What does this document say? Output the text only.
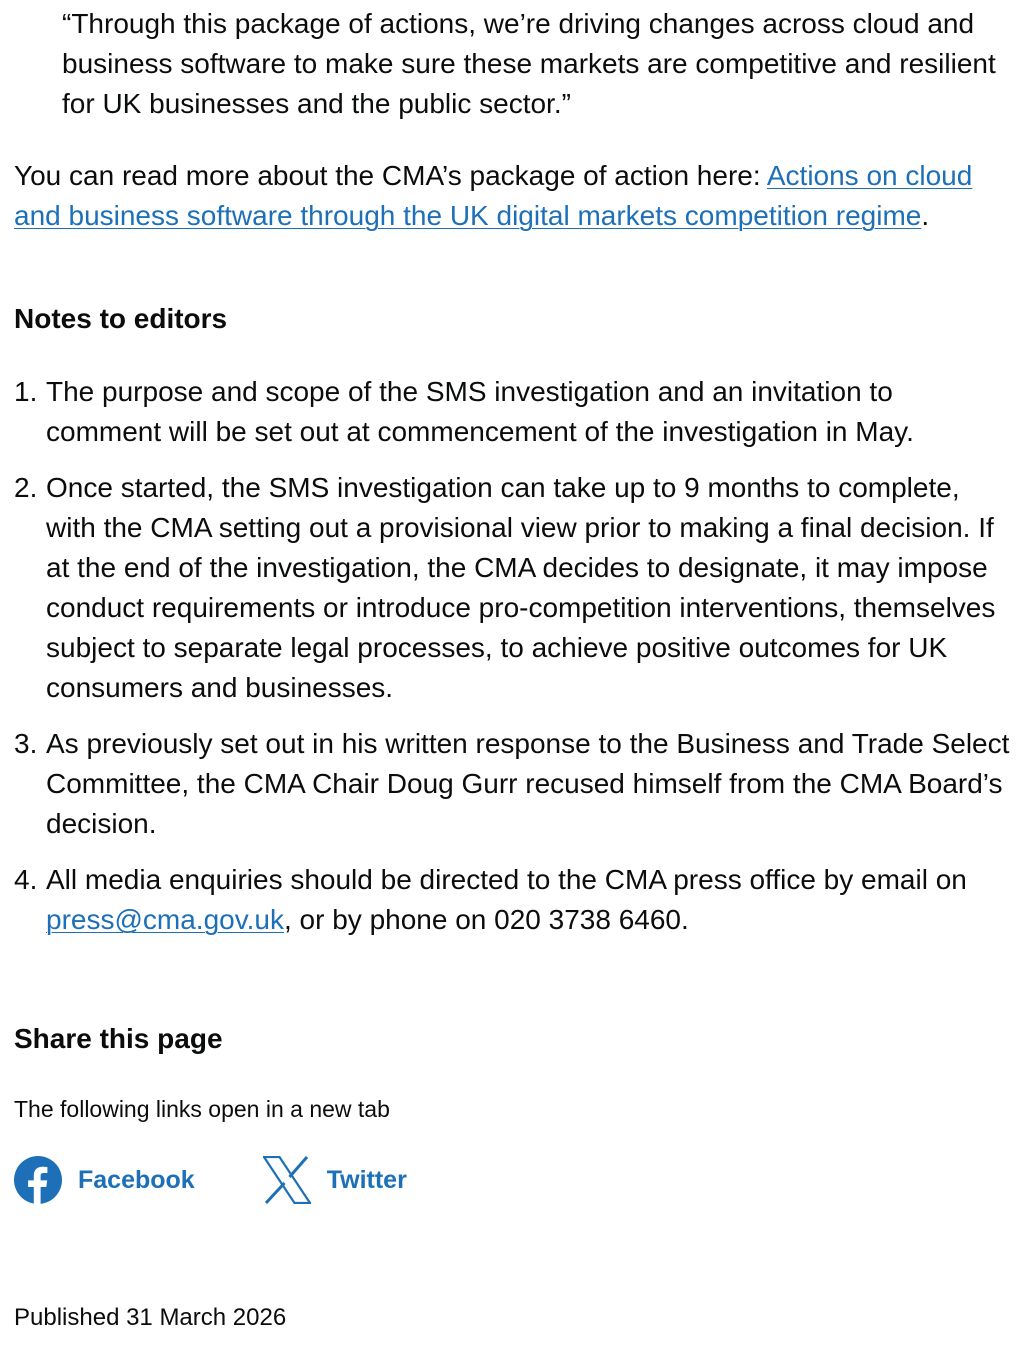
“Through this package of actions, we’re driving changes across cloud and business software to make sure these markets are competitive and resilient for UK businesses and the public sector.”

You can read more about the CMA’s package of action here: Actions on cloud and business software through the UK digital markets competition regime.

Notes to editors
1. The purpose and scope of the SMS investigation and an invitation to comment will be set out at commencement of the investigation in May.
2. Once started, the SMS investigation can take up to 9 months to complete, with the CMA setting out a provisional view prior to making a final decision. If at the end of the investigation, the CMA decides to designate, it may impose conduct requirements or introduce pro-competition interventions, themselves subject to separate legal processes, to achieve positive outcomes for UK consumers and businesses.
3. As previously set out in his written response to the Business and Trade Select Committee, the CMA Chair Doug Gurr recused himself from the CMA Board’s decision.
4. All media enquiries should be directed to the CMA press office by email on press@cma.gov.uk, or by phone on 020 3738 6460.
Share this page

The following links open in a new tab

Facebook	Twitter

Published 31 March 2026
